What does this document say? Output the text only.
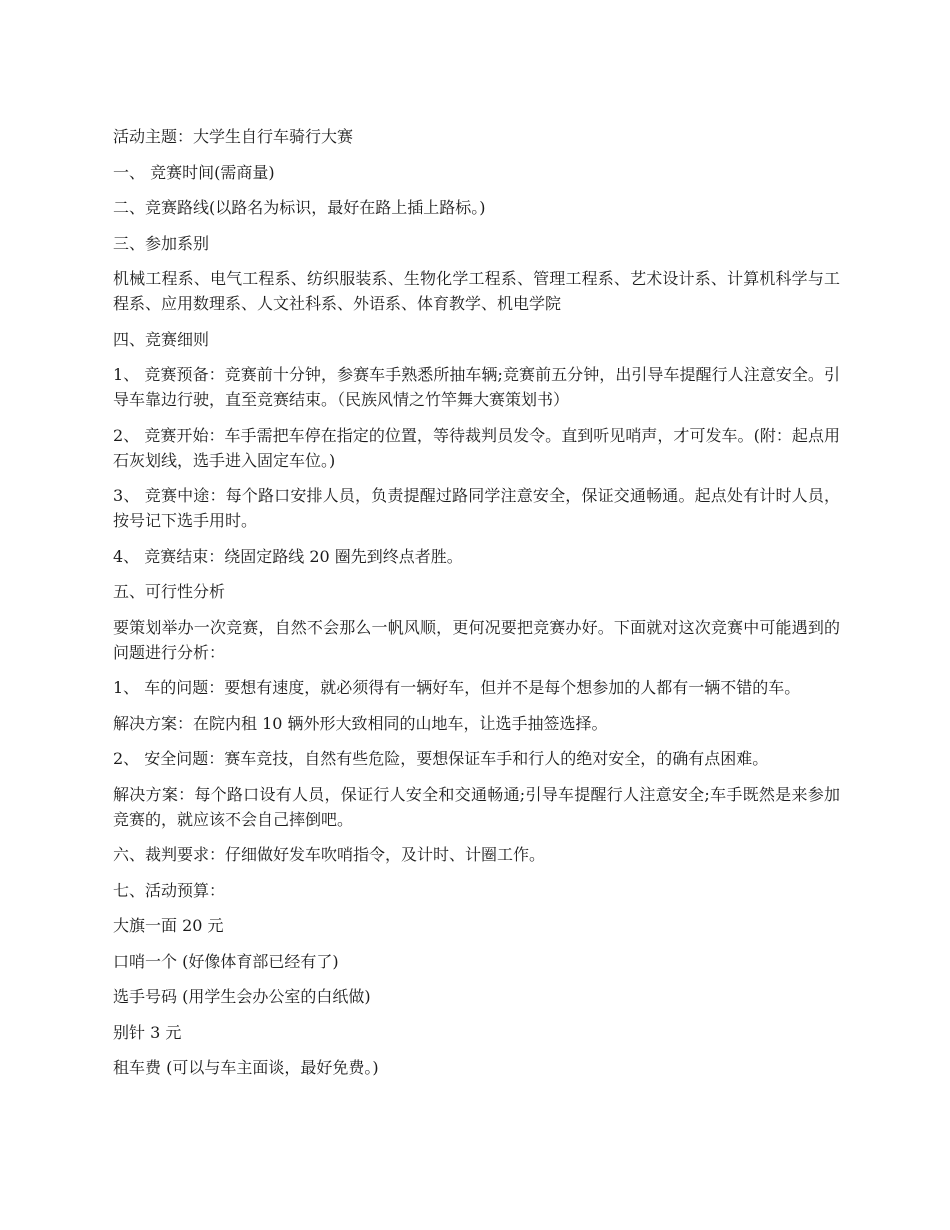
活动主题：大学生自行车骑行大赛

一、 竞赛时间(需商量)

二、竞赛路线(以路名为标识，最好在路上插上路标。)

三、参加系别

机械工程系、电气工程系、纺织服装系、生物化学工程系、管理工程系、艺术设计系、计算机科学与工程系、应用数理系、人文社科系、外语系、体育教学、机电学院

四、竞赛细则

1、 竞赛预备：竞赛前十分钟，参赛车手熟悉所抽车辆;竞赛前五分钟，出引导车提醒行人注意安全。引导车靠边行驶，直至竞赛结束。（民族风情之竹竿舞大赛策划书）

2、 竞赛开始：车手需把车停在指定的位置，等待裁判员发令。直到听见哨声，才可发车。(附：起点用石灰划线，选手进入固定车位。)

3、 竞赛中途：每个路口安排人员，负责提醒过路同学注意安全，保证交通畅通。起点处有计时人员，按号记下选手用时。

4、 竞赛结束：绕固定路线 20 圈先到终点者胜。

五、可行性分析

要策划举办一次竞赛，自然不会那么一帆风顺，更何况要把竞赛办好。下面就对这次竞赛中可能遇到的问题进行分析：

1、 车的问题：要想有速度，就必须得有一辆好车，但并不是每个想参加的人都有一辆不错的车。

解决方案：在院内租 10 辆外形大致相同的山地车，让选手抽签选择。

2、 安全问题：赛车竞技，自然有些危险，要想保证车手和行人的绝对安全，的确有点困难。

解决方案：每个路口设有人员，保证行人安全和交通畅通;引导车提醒行人注意安全;车手既然是来参加竞赛的，就应该不会自己摔倒吧。

六、裁判要求：仔细做好发车吹哨指令，及计时、计圈工作。

七、活动预算：

大旗一面 20 元

口哨一个 (好像体育部已经有了)

选手号码 (用学生会办公室的白纸做)

别针 3 元

租车费 (可以与车主面谈，最好免费。)
